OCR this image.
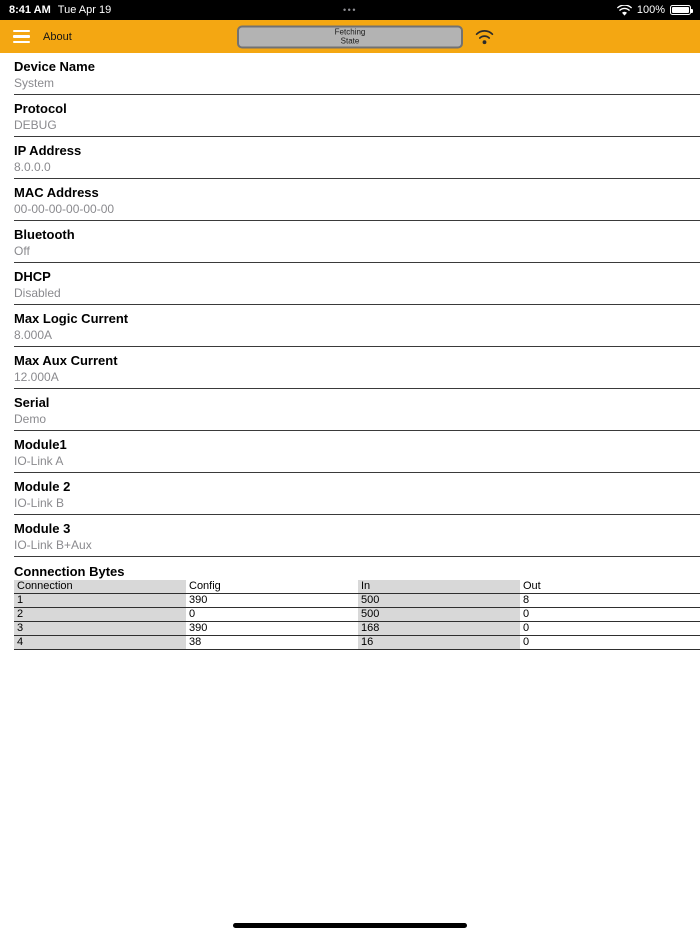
8:41 AM Tue Apr 19	•••	100%
About	Fetching
State
Device Name
System
Protocol
DEBUG
IP Address
8.0.0.0
MAC Address
00-00-00-00-00-00
Bluetooth
Off
DHCP
Disabled
Max Logic Current
8.000A
Max Aux Current
12.000A
Serial
Demo
Module1
IO-Link A
Module 2
IO-Link B
Module 3
IO-Link B+Aux
Connection Bytes
Connection	Config	In	Out
1	390	500	8
2	0	500	0
3	390	168	0
4	38	16	0
